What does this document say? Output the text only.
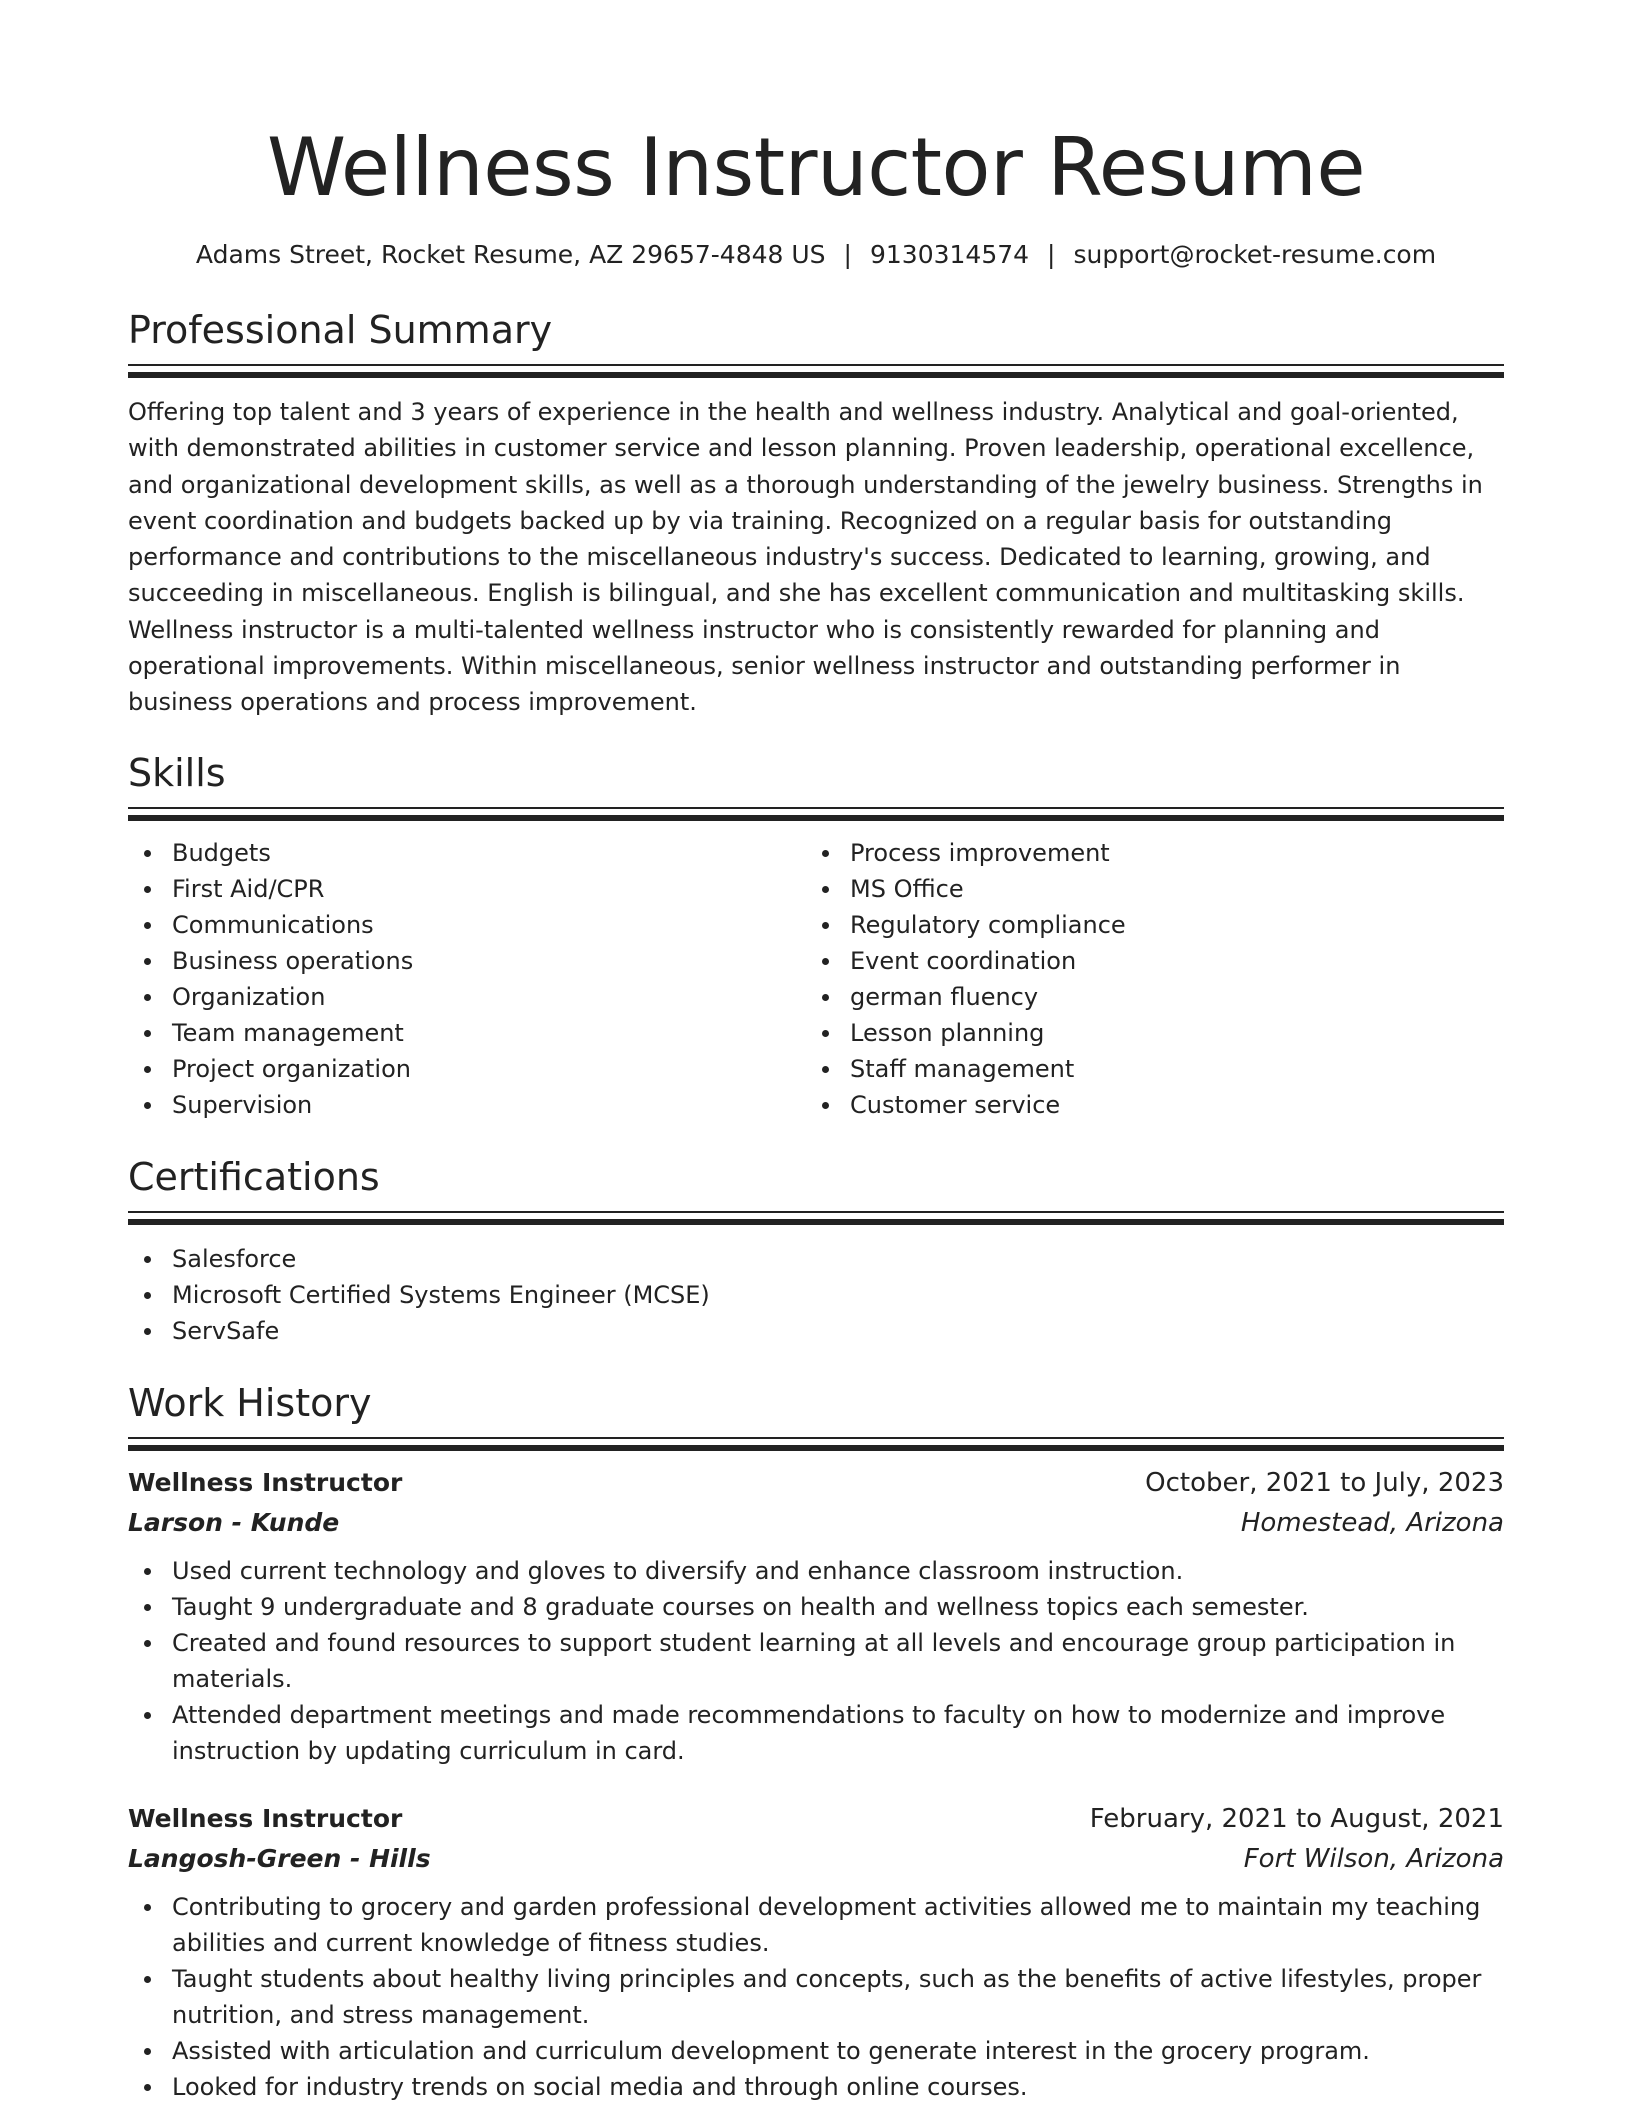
Wellness Instructor Resume
Adams Street, Rocket Resume, AZ 29657-4848 US | 9130314574 | support@rocket-resume.com
Professional Summary
Offering top talent and 3 years of experience in the health and wellness industry. Analytical and goal-oriented, with demonstrated abilities in customer service and lesson planning. Proven leadership, operational excellence, and organizational development skills, as well as a thorough understanding of the jewelry business. Strengths in event coordination and budgets backed up by via training. Recognized on a regular basis for outstanding performance and contributions to the miscellaneous industry's success. Dedicated to learning, growing, and succeeding in miscellaneous. English is bilingual, and she has excellent communication and multitasking skills. Wellness instructor is a multi-talented wellness instructor who is consistently rewarded for planning and operational improvements. Within miscellaneous, senior wellness instructor and outstanding performer in business operations and process improvement.
Skills
Budgets
First Aid/CPR
Communications
Business operations
Organization
Team management
Project organization
Supervision
Process improvement
MS Office
Regulatory compliance
Event coordination
german fluency
Lesson planning
Staff management
Customer service
Certifications
Salesforce
Microsoft Certified Systems Engineer (MCSE)
ServSafe
Work History
Wellness Instructor	October, 2021 to July, 2023
Larson - Kunde	Homestead, Arizona
Used current technology and gloves to diversify and enhance classroom instruction.
Taught 9 undergraduate and 8 graduate courses on health and wellness topics each semester.
Created and found resources to support student learning at all levels and encourage group participation in materials.
Attended department meetings and made recommendations to faculty on how to modernize and improve instruction by updating curriculum in card.
Wellness Instructor	February, 2021 to August, 2021
Langosh-Green - Hills	Fort Wilson, Arizona
Contributing to grocery and garden professional development activities allowed me to maintain my teaching abilities and current knowledge of fitness studies.
Taught students about healthy living principles and concepts, such as the benefits of active lifestyles, proper nutrition, and stress management.
Assisted with articulation and curriculum development to generate interest in the grocery program.
Looked for industry trends on social media and through online courses.
